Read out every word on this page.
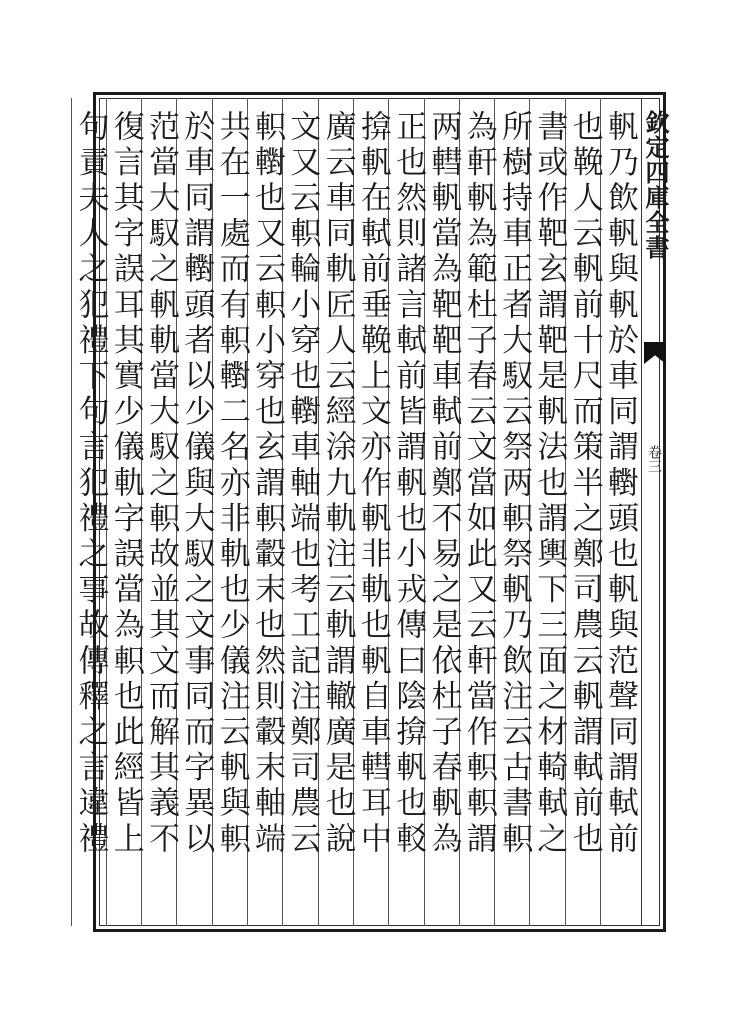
欽定四庫全書
卷三
軓乃飲軓與軓於車同謂轛頭也軓與范聲同謂軾前
也鞔人云軓前十尺而策半之鄭司農云軓謂軾前也
書或作靶玄謂靶是軓法也謂輿下三面之材輢軾之
所樹持車正者大馭云祭两軹祭軓乃飲注云古書軹
為軒軓為範杜子春云文當如此又云軒當作軹軹謂
两轊軓當為靶靶車軾前鄭不易之是依杜子春軓為
正也然則諸言軾前皆謂軓也小戎傳曰陰揜軓也䡈
揜軓在軾前垂鞔上文亦作軓非軌也軓自車轊耳中
廣云車同軌匠人云經涂九軌注云軌謂轍廣是也說
文又云軹輪小穿也轛車軸端也考工記注鄭司農云
軹轛也又云軹小穿也玄謂軹轂末也然則轂末軸端
共在一處而有軹轛二名亦非軌也少儀注云軓與軹
於車同謂轛頭者以少儀與大馭之文事同而字異以
范當大馭之軓軌當大馭之軹故並其文而解其義不
復言其字誤耳其實少儀軌字誤當為軹也此經皆上
句責夫人之犯禮下句言犯禮之事故傳釋之言違禮
